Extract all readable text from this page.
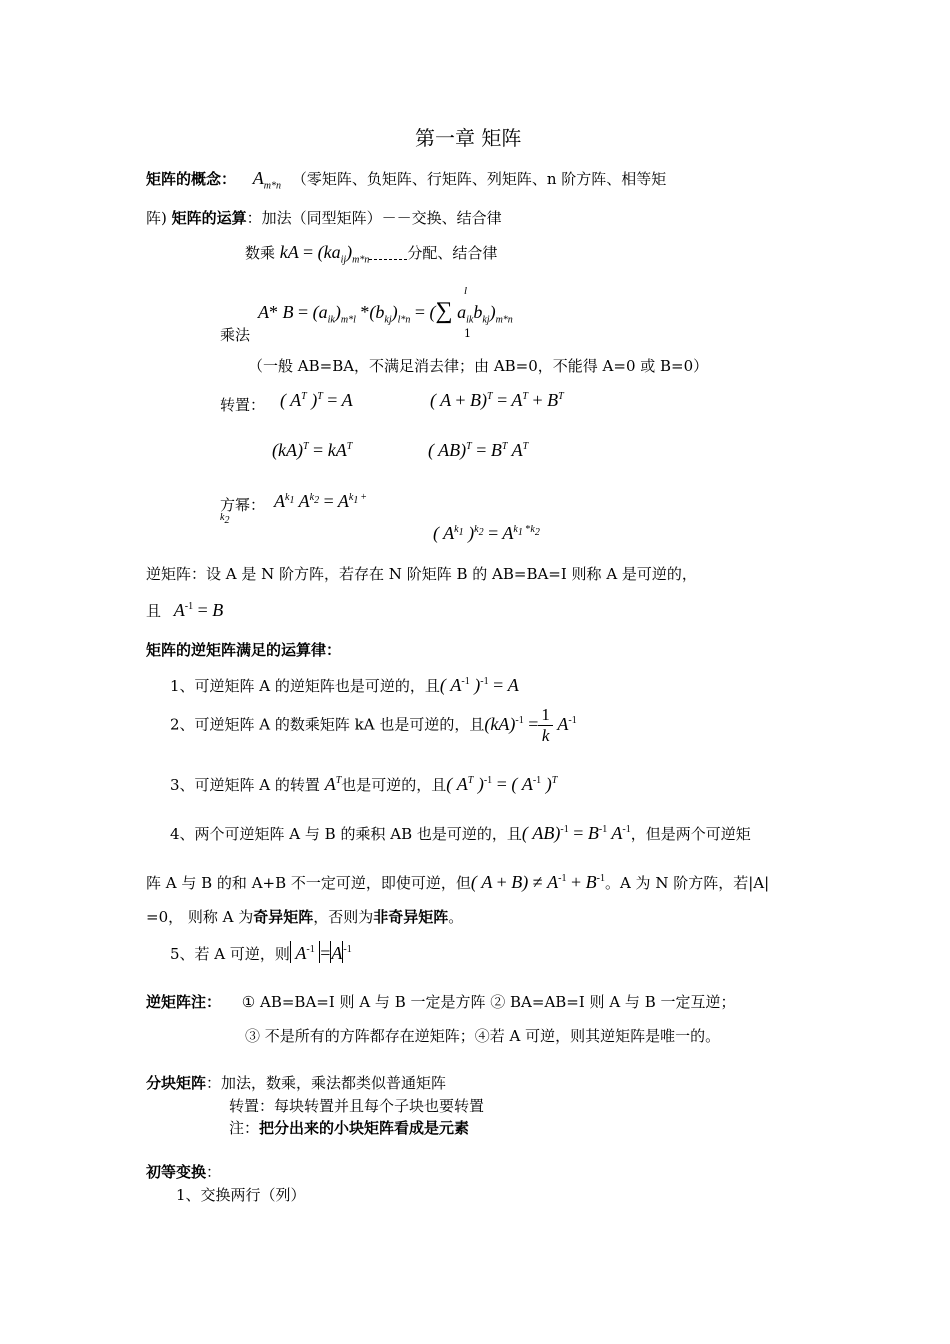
第一章 矩阵
矩阵的概念： $A_{m*n}$ （零矩阵、负矩阵、行矩阵、列矩阵、n 阶方阵、相等矩
阵) 矩阵的运算：加法（同型矩阵）－－交换、结合律
数乘 kA = $(ka_{ij})_{m*n}$	分配、结合律
A* $B = (a_{ik})_{m*l}$ $*(b_{kj})_{l*n}$ = (∑ $a_{ik}b_{kj})_{m*n}$
l
1
乘法
（一般 AB=BA，不满足消去律；由 AB=0，不能得 A=0 或 B=0）
转置： ( $A^T$ )$^T$ = A	( $A + B)^T = A^T + B^T$
$(kA)^T = kA^T$	( $AB)^T = B^T$ $A^T$
方幂： $A^{k_1}$ $A^{k_2} = A^{k_1 +}$
$k_2$
( $A^{k_1}$ )$^{k_2} = A^{k_1 *k_2}$
逆矩阵：设 A 是 N 阶方阵，若存在 N 阶矩阵 B 的 AB=BA=I 则称 A 是可逆的，
且 $A^{-1} = B$
矩阵的逆矩阵满足的运算律：
1、可逆矩阵 A 的逆矩阵也是可逆的，且( $A^{-1}$ )$^{-1}$ = A
2、可逆矩阵 A 的数乘矩阵 kA 也是可逆的，且$(kA)^{-1} = \frac{1}{k} A^{-1}$
3、可逆矩阵 A 的转置 $A^T$也是可逆的，且( $A^T$ )$^{-1}$ = ( $A^{-1}$ )$^T$
4、两个可逆矩阵 A 与 B 的乘积 AB 也是可逆的，且( $AB)^{-1} = B^{-1}$ $A^{-1}$，但是两个可逆矩
阵 A 与 B 的和 A+B 不一定可逆，即使可逆，但( $A + B) \ne A^{-1} + B^{-1}$。A 为 N 阶方阵，若|A|
=0， 则称 A 为奇异矩阵，否则为非奇异矩阵。
5、若 A 可逆，则 $A^{-1} =A^{-1}$
逆矩阵注： ① AB=BA=I 则 A 与 B 一定是方阵 ② BA=AB=I 则 A 与 B 一定互逆；
③ 不是所有的方阵都存在逆矩阵；④若 A 可逆，则其逆矩阵是唯一的。
分块矩阵：加法，数乘，乘法都类似普通矩阵
转置：每块转置并且每个子块也要转置
注：把分出来的小块矩阵看成是元素
初等变换：
1、交换两行（列）
